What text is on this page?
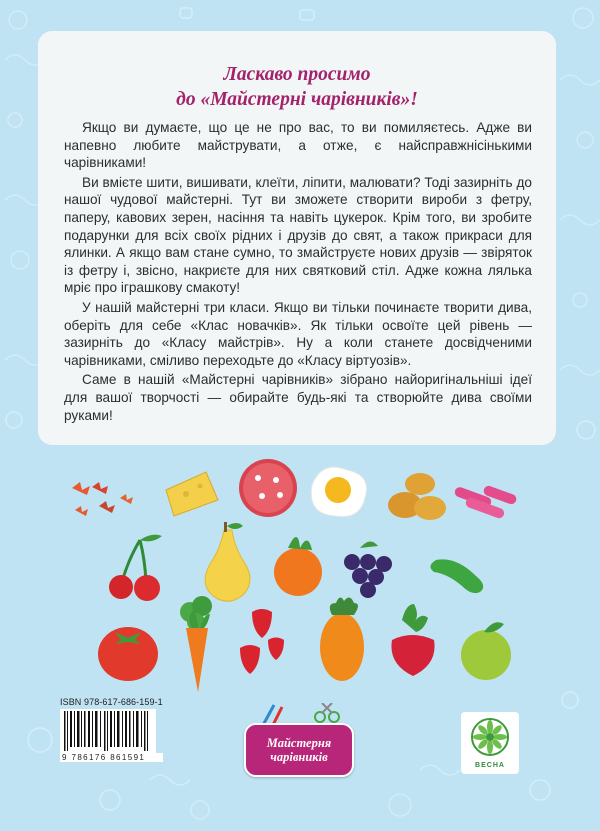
Ласкаво просимо
до «Майстерні чарівників»!

Якщо ви думаєте, що це не про вас, то ви помиляєтесь. Адже ви напевно любите майструвати, а отже, є найсправжнісінькими чарівниками!

Ви вмієте шити, вишивати, клеїти, ліпити, малювати? Тоді зазирніть до нашої чудової майстерні. Тут ви зможете створити вироби з фетру, паперу, кавових зерен, насіння та навіть цукерок. Крім того, ви зробите подарунки для всіх своїх рідних і друзів до свят, а також прикраси для ялинки. А якщо вам стане сумно, то змайструєте нових друзів — звіряток із фетру і, звісно, накриєте для них святковий стіл. Адже кожна лялька мріє про іграшкову смакоту!

У нашій майстерні три класи. Якщо ви тільки починаєте творити дива, оберіть для себе «Клас новачків». Як тільки освоїте цей рівень — зазирніть до «Класу майстрів». Ну а коли станете досвідченими чарівниками, сміливо переходьте до «Класу віртуозів».

Саме в нашій «Майстерні чарівників» зібрано найоригінальніші ідеї для вашої творчості — обирайте будь-які та створюйте дива своїми руками!

ISBN 978-617-686-159-1
9 786176 861591
Майстерня
чарівників
ВЕСНА
